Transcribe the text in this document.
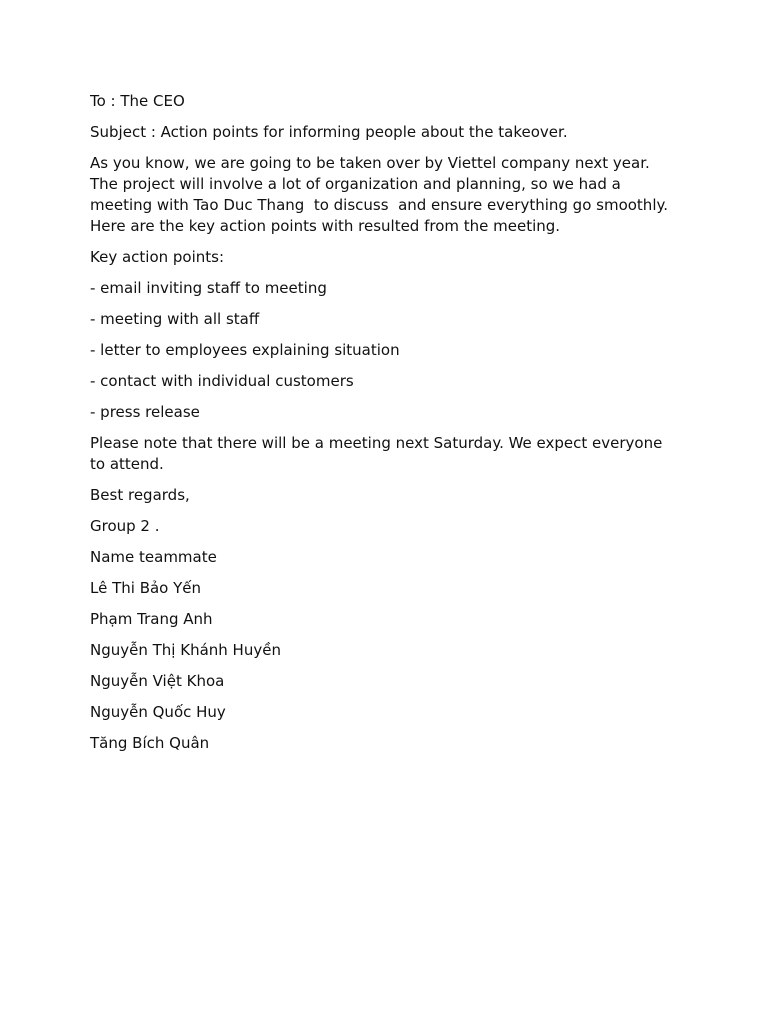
To : The CEO

Subject : Action points for informing people about the takeover.

As you know, we are going to be taken over by Viettel company next year.
The project will involve a lot of organization and planning, so we had a
meeting with Tao Duc Thang  to discuss  and ensure everything go smoothly.
Here are the key action points with resulted from the meeting.

Key action points:

- email inviting staff to meeting

- meeting with all staff

- letter to employees explaining situation

- contact with individual customers

- press release

Please note that there will be a meeting next Saturday. We expect everyone
to attend.

Best regards,

Group 2 .

Name teammate

Lê Thi Bảo Yến

Phạm Trang Anh

Nguyễn Thị Khánh Huyền

Nguyễn Việt Khoa

Nguyễn Quốc Huy

Tăng Bích Quân
